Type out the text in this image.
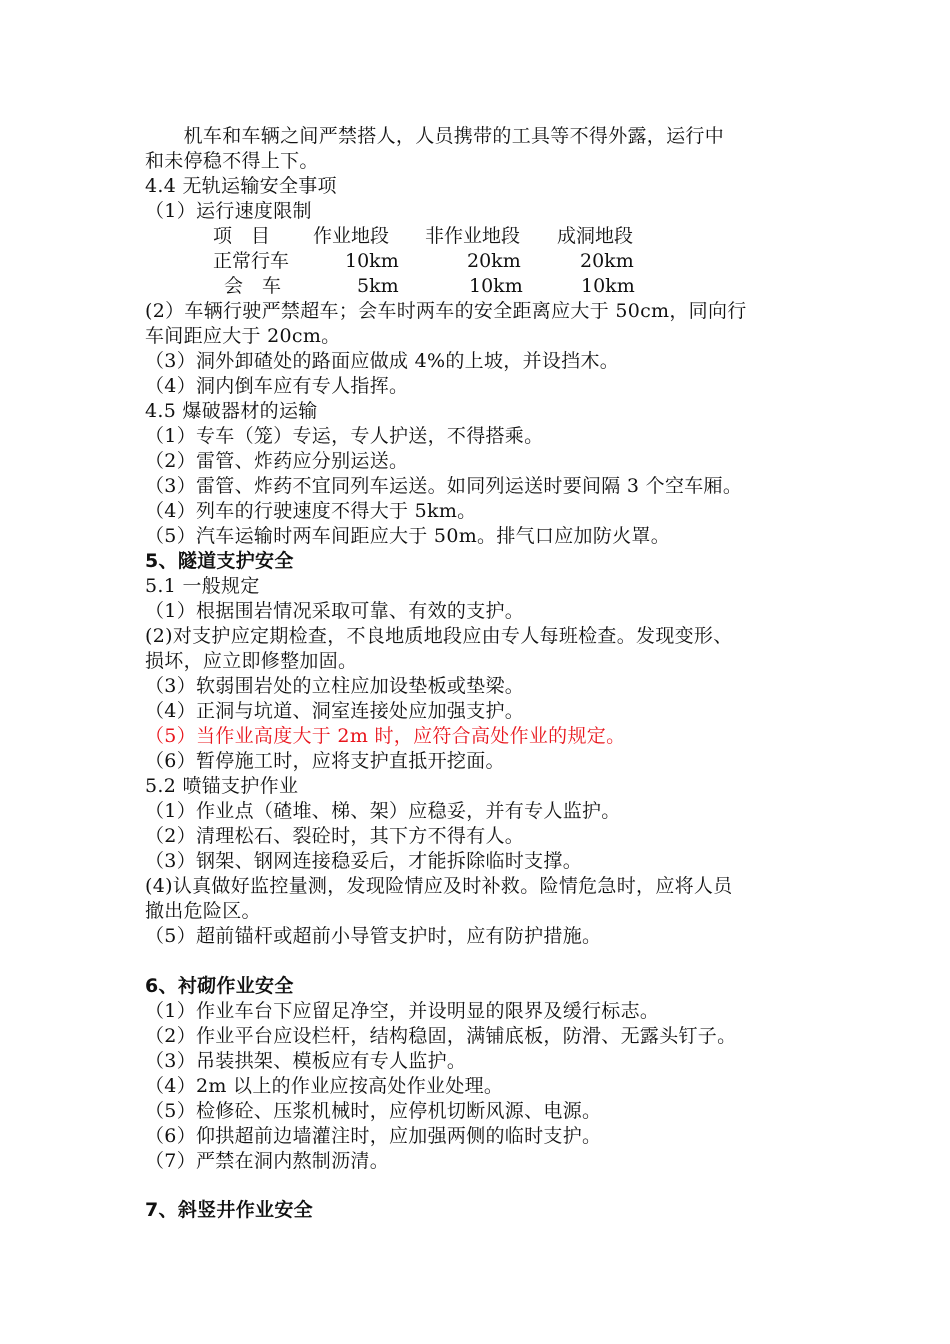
　　机车和车辆之间严禁搭人，人员携带的工具等不得外露，运行中
和未停稳不得上下。
4.4 无轨运输安全事项
（1）运行速度限制
项　目 作业地段 非作业地段 成洞地段
正常行车	10km	20km	20km
会　车	5km	10km	10km
(2）车辆行驶严禁超车；会车时两车的安全距离应大于 50cm，同向行
车间距应大于 20cm。
（3）洞外卸碴处的路面应做成 4%的上坡，并设挡木。
（4）洞内倒车应有专人指挥。
4.5 爆破器材的运输
（1）专车（笼）专运，专人护送，不得搭乘。
（2）雷管、炸药应分别运送。
（3）雷管、炸药不宜同列车运送。如同列运送时要间隔 3 个空车厢。
（4）列车的行驶速度不得大于 5km。
（5）汽车运输时两车间距应大于 50m。排气口应加防火罩。
5、隧道支护安全
5.1 一般规定
（1）根据围岩情况采取可靠、有效的支护。
(2)对支护应定期检查，不良地质地段应由专人每班检查。发现变形、
损坏，应立即修整加固。
（3）软弱围岩处的立柱应加设垫板或垫梁。
（4）正洞与坑道、洞室连接处应加强支护。
（5）当作业高度大于 2m 时，应符合高处作业的规定。
（6）暂停施工时，应将支护直抵开挖面。
5.2 喷锚支护作业
（1）作业点（碴堆、梯、架）应稳妥，并有专人监护。
（2）清理松石、裂砼时，其下方不得有人。
（3）钢架、钢网连接稳妥后，才能拆除临时支撑。
(4)认真做好监控量测，发现险情应及时补救。险情危急时，应将人员
撤出危险区。
（5）超前锚杆或超前小导管支护时，应有防护措施。
6、衬砌作业安全
（1）作业车台下应留足净空，并设明显的限界及缓行标志。
（2）作业平台应设栏杆，结构稳固，满铺底板，防滑、无露头钉子。
（3）吊装拱架、模板应有专人监护。
（4）2m 以上的作业应按高处作业处理。
（5）检修砼、压浆机械时，应停机切断风源、电源。
（6）仰拱超前边墙灌注时，应加强两侧的临时支护。
（7）严禁在洞内熬制沥清。
7、斜竖井作业安全
